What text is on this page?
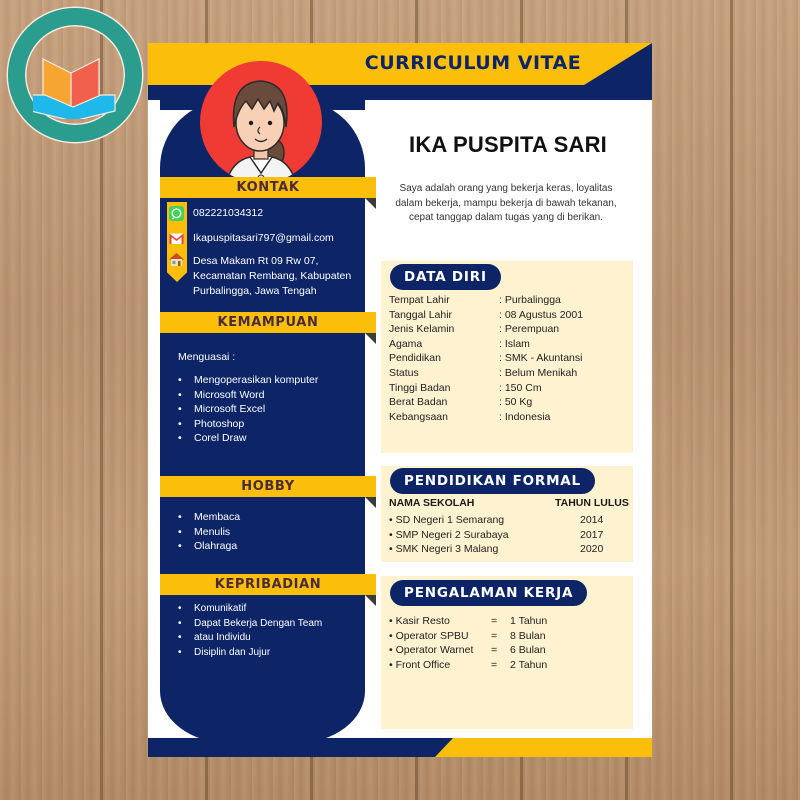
CURRICULUM VITAE
KONTAK
082221034312
Ikapuspitasari797@gmail.com
Desa Makam Rt 09 Rw 07,
Kecamatan Rembang, Kabupaten
Purbalingga, Jawa Tengah
KEMAMPUAN
Menguasai :
• Mengoperasikan komputer
• Microsoft Word
• Microsoft Excel
• Photoshop
• Corel Draw
HOBBY
• Membaca
• Menulis
• Olahraga
KEPRIBADIAN
• Komunikatif
• Dapat Bekerja Dengan Team
• atau Individu
• Disiplin dan Jujur
IKA PUSPITA SARI
Saya adalah orang yang bekerja keras, loyalitas
dalam bekerja, mampu bekerja di bawah tekanan,
cepat tanggap dalam tugas yang di berikan.
DATA DIRI
Tempat Lahir	: Purbalingga
Tanggal Lahir	: 08 Agustus 2001
Jenis Kelamin	: Perempuan
Agama	: Islam
Pendidikan	: SMK - Akuntansi
Status	: Belum Menikah
Tinggi Badan	: 150 Cm
Berat Badan	: 50 Kg
Kebangsaan	: Indonesia
PENDIDIKAN FORMAL
NAMA SEKOLAH	TAHUN LULUS
• SD Negeri 1 Semarang	2014
• SMP Negeri 2 Surabaya	2017
• SMK Negeri 3 Malang	2020
PENGALAMAN KERJA
• Kasir Resto	= 1 Tahun
• Operator SPBU = 8 Bulan
• Operator Warnet = 6 Bulan
• Front Office	= 2 Tahun
